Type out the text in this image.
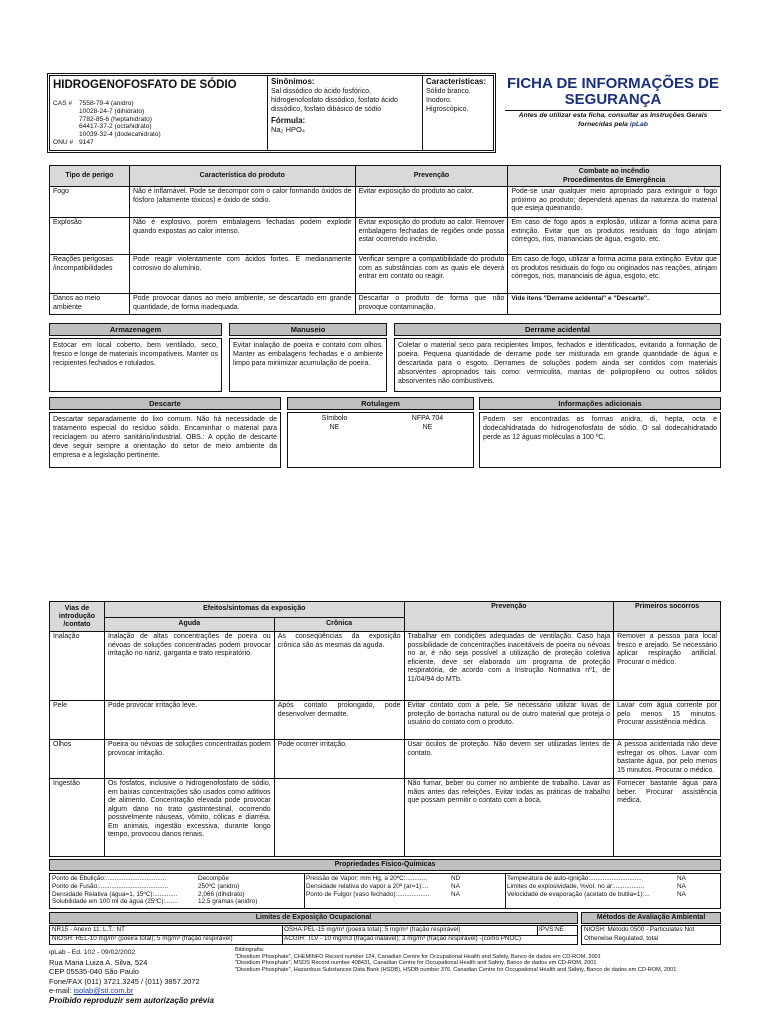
HIDROGENOFOSFATO DE SÓDIO
CAS #	7558-79-4 (anidro)
10028-24-7 (dihidrato)
7782-85-6 (heptahidrato)
64417-37-2 (octahidrato)
10039-32-4 (dodecahidrato)
ONU # 9147
Sinônimos:
Sal dissódico do ácido fosfórico, hidrogenofosfato dissódico, fosfato ácido dissódico, fosfato dibásico de sódio
Fórmula:
Na₂ HPO₄
Características:
Sólido branco.
Inodoro.
Higroscópico.
FICHA DE INFORMAÇÕES DE SEGURANÇA
Antes de utilizar esta ficha, consultar as Instruções Gerais fornecidas pela ipLab
Tipo de perigo	Característica do produto	Prevenção	Combate ao incêndio
Procedimentos de Emergência

Fogo	Não é inflamável. Pode se decompor com o calor formando óxidos de fósforo (altamente tóxicos) e óxido de sódio.	Evitar exposição do produto ao calor.	Pode-se usar qualquer meio apropriado para extinguir o fogo próximo ao produto; dependerá apenas da natureza do material que esteja queimando.
Explosão	Não é explosivo, porém embalagens fechadas podem explodir quando expostas ao calor intenso.	Evitar exposição do produto ao calor. Remover embalagens fechadas de regiões onde possa estar ocorrendo incêndio.	Em caso de fogo após a explosão, utilizar a forma acima para extinção. Evitar que os produtos residuais do fogo atinjam córregos, rios, mananciais de água, esgoto, etc.
Reações perigosas /incompatibilidades	Pode reagir violentamente com ácidos fortes. É medianamente corrosivo do alumínio.	Verificar sempre a compatibilidade do produto com as substâncias com as quais ele deverá entrar em contato ou reagir.	Em caso de fogo, utilizar a forma acima para extinção. Evitar que os produtos residuais do fogo ou originados nas reações, atinjam córregos, rios, mananciais de água, esgoto, etc.
Danos ao meio ambiente	Pode provocar danos ao meio ambiente, se descartado em grande quantidade, de forma inadequada.	Descartar o produto de forma que não provoque contaminação.	Vide itens "Derrame acidental" e "Descarte".
Armazenagem
Estocar em local coberto, bem ventilado, seco, fresco e longe de materiais incompatíveis. Manter os recipientes fechados e rotulados.
Manuseio
Evitar inalação de poeira e contato com olhos. Manter as embalagens fechadas e o ambiente limpo para minimizar acumulação de poeira.
Derrame acidental
Coletar o material seco para recipientes limpos, fechados e identificados, evitando a formação de poeira. Pequena quantidade de derrame pode ser misturada em grande quantidade de água e descartada para o esgoto. Derrames de soluções podem ainda ser contidos com materiais absorventes apropriados tais como: vermiculita, mantas de polipropileno ou outros sólidos absorventes não combustíveis.
Descarte
Descartar separadamente do lixo comum. Não há necessidade de tratamento especial do resíduo sólido. Encaminhar o material para reciclagem ou aterro sanitário/industrial. OBS.: A opção de descarte deve seguir sempre a orientação do setor de meio ambiente da empresa e a legislação pertinente.
Rotulagem
Símbolo	NFPA 704
NE	NE
Informações adicionais
Podem ser encontradas as formas anidra, di, hepta, octa e dodecahidratada do hidrogenofosfato de sódio. O sal dodecahidratado perde as 12 águas moléculas a 100 ºC.
Vias de introdução /contato	Efeitos/sintomas da exposição		Prevenção	Primeiros socorros
	Aguda	Crônica		
Inalação	Inalação de altas concentrações de poeira ou névoas de soluções concentradas podem provocar irritação no nariz, garganta e trato respiratório.	As conseqüências da exposição crônica são as mesmas da aguda.	Trabalhar em condições adequadas de ventilação. Caso haja possibilidade de concentrações inaceitáveis de poeira ou névoas no ar, é não seja possível a utilização de proteção coletiva eficiente, deve ser elaborado um programa de proteção respiratória, de acordo com a Instrução Normativa nº1, de 11/04/94 do MTb.	Remover a pessoa para local fresco e arejado. Se necessário aplicar respiração artificial. Procurar o médico.
Pele	Pode provocar irritação leve.	Após contato prolongado, pode desenvolver dermatite.	Evitar contato com a pele. Se necessário utilizar luvas de proteção de borracha natural ou de outro material que proteja o usuário do contato com o produto.	Lavar com água corrente por pelo menos 15 minutos. Procurar assistência médica.
Olhos	Poeira ou névoas de soluções concentradas podem provocar irritação.	Pode ocorrer irritação.	Usar óculos de proteção. Não devem ser utilizadas lentes de contato.	A pessoa acidentada não deve esfregar os olhos. Lavar com bastante água, por pelo menos 15 minutos. Procurar o médico.
Ingestão	Os fosfatos, inclusive o hidrogenofosfato de sódio, em baixas concentrações são usados como aditivos de alimento. Concentração elevada pode provocar algum dano no trato gastrintestinal, ocorrendo possivelmente náuseas, vômito, cólicas e diarréia. Em animais, ingestão excessiva, durante longo tempo, provocou danos renais.		Não fumar, beber ou comer no ambiente de trabalho. Lavar as mãos antes das refeições. Evitar todas as práticas de trabalho que possam permitir o contato com a boca.	Fornecer bastante água para beber. Procurar assistência médica.
Propriedades Físico-Químicas
Ponto de Ebulição:..................................	Decompõe
Ponto de Fusão:.......................................	250ºC (anidro)
Densidade Relativa (água=1, 15ºC):.............	2,066 (dihidrato)
Solubilidade em 100 ml de água (25ºC):.......	12,5 gramas (anidro)
Pressão de Vapor: mm Hg, a 20ºC:............	ND
Densidade relativa do vapor a 20º (ar=1):...	NA
Ponto de Fulgor (vaso fechado):..................	NA
Temperatura de auto-ignição:.............................	NA
Limites de explosividade, %vol. no ar:.................	NA
Velocidade de evaporação (acetato de butila=1):...	NA
Limites de Exposição Ocupacional
NR15 - Anexo 11: L.T.: NT
NIOSH: REL-10 mg/m³ (poeira total); 5 mg/m³ (fração respirável)
OSHA:PEL-15 mg/m³ (poeira total); 5 mg/m³ (fração respirável)
ACGIH: TLV - 10 mg/m3 (fração inalável); 3 mg/m³ (fração respirável) -(como PNOC)
IPVS:NE
Métodos de Avaliação Ambiental
NIOSH: Método 0500 - Particulates Not Otherwise Regulated, total
ipLab - Ed. 102 - 09/02/2002
Rua Maria Luiza A. Silva, 524
CEP 05535-040 São Paulo
Fone/FAX (011) 3721.3245 / (011) 3857.2072
e-mail: isolab@sti.com.br
Proibido reproduzir sem autorização prévia
Bibliografia:
"Disodium Phosphate", CHEMINFO Record number 124, Canadian Centre for Occupational Health and Safety, Banco de dados em CD-ROM, 2001
"Disodium Phosphate", MSDS Record number 408431, Canadian Centre for Occupational Health and Safety, Banco de dados em CD-ROM, 2001
"Disodium Phosphate", Hazardous Substances Data Bank (HSDB), HSDB number 376, Canadian Centre for Occupational Health and Safety, Banco de dados em CD-ROM, 2001
